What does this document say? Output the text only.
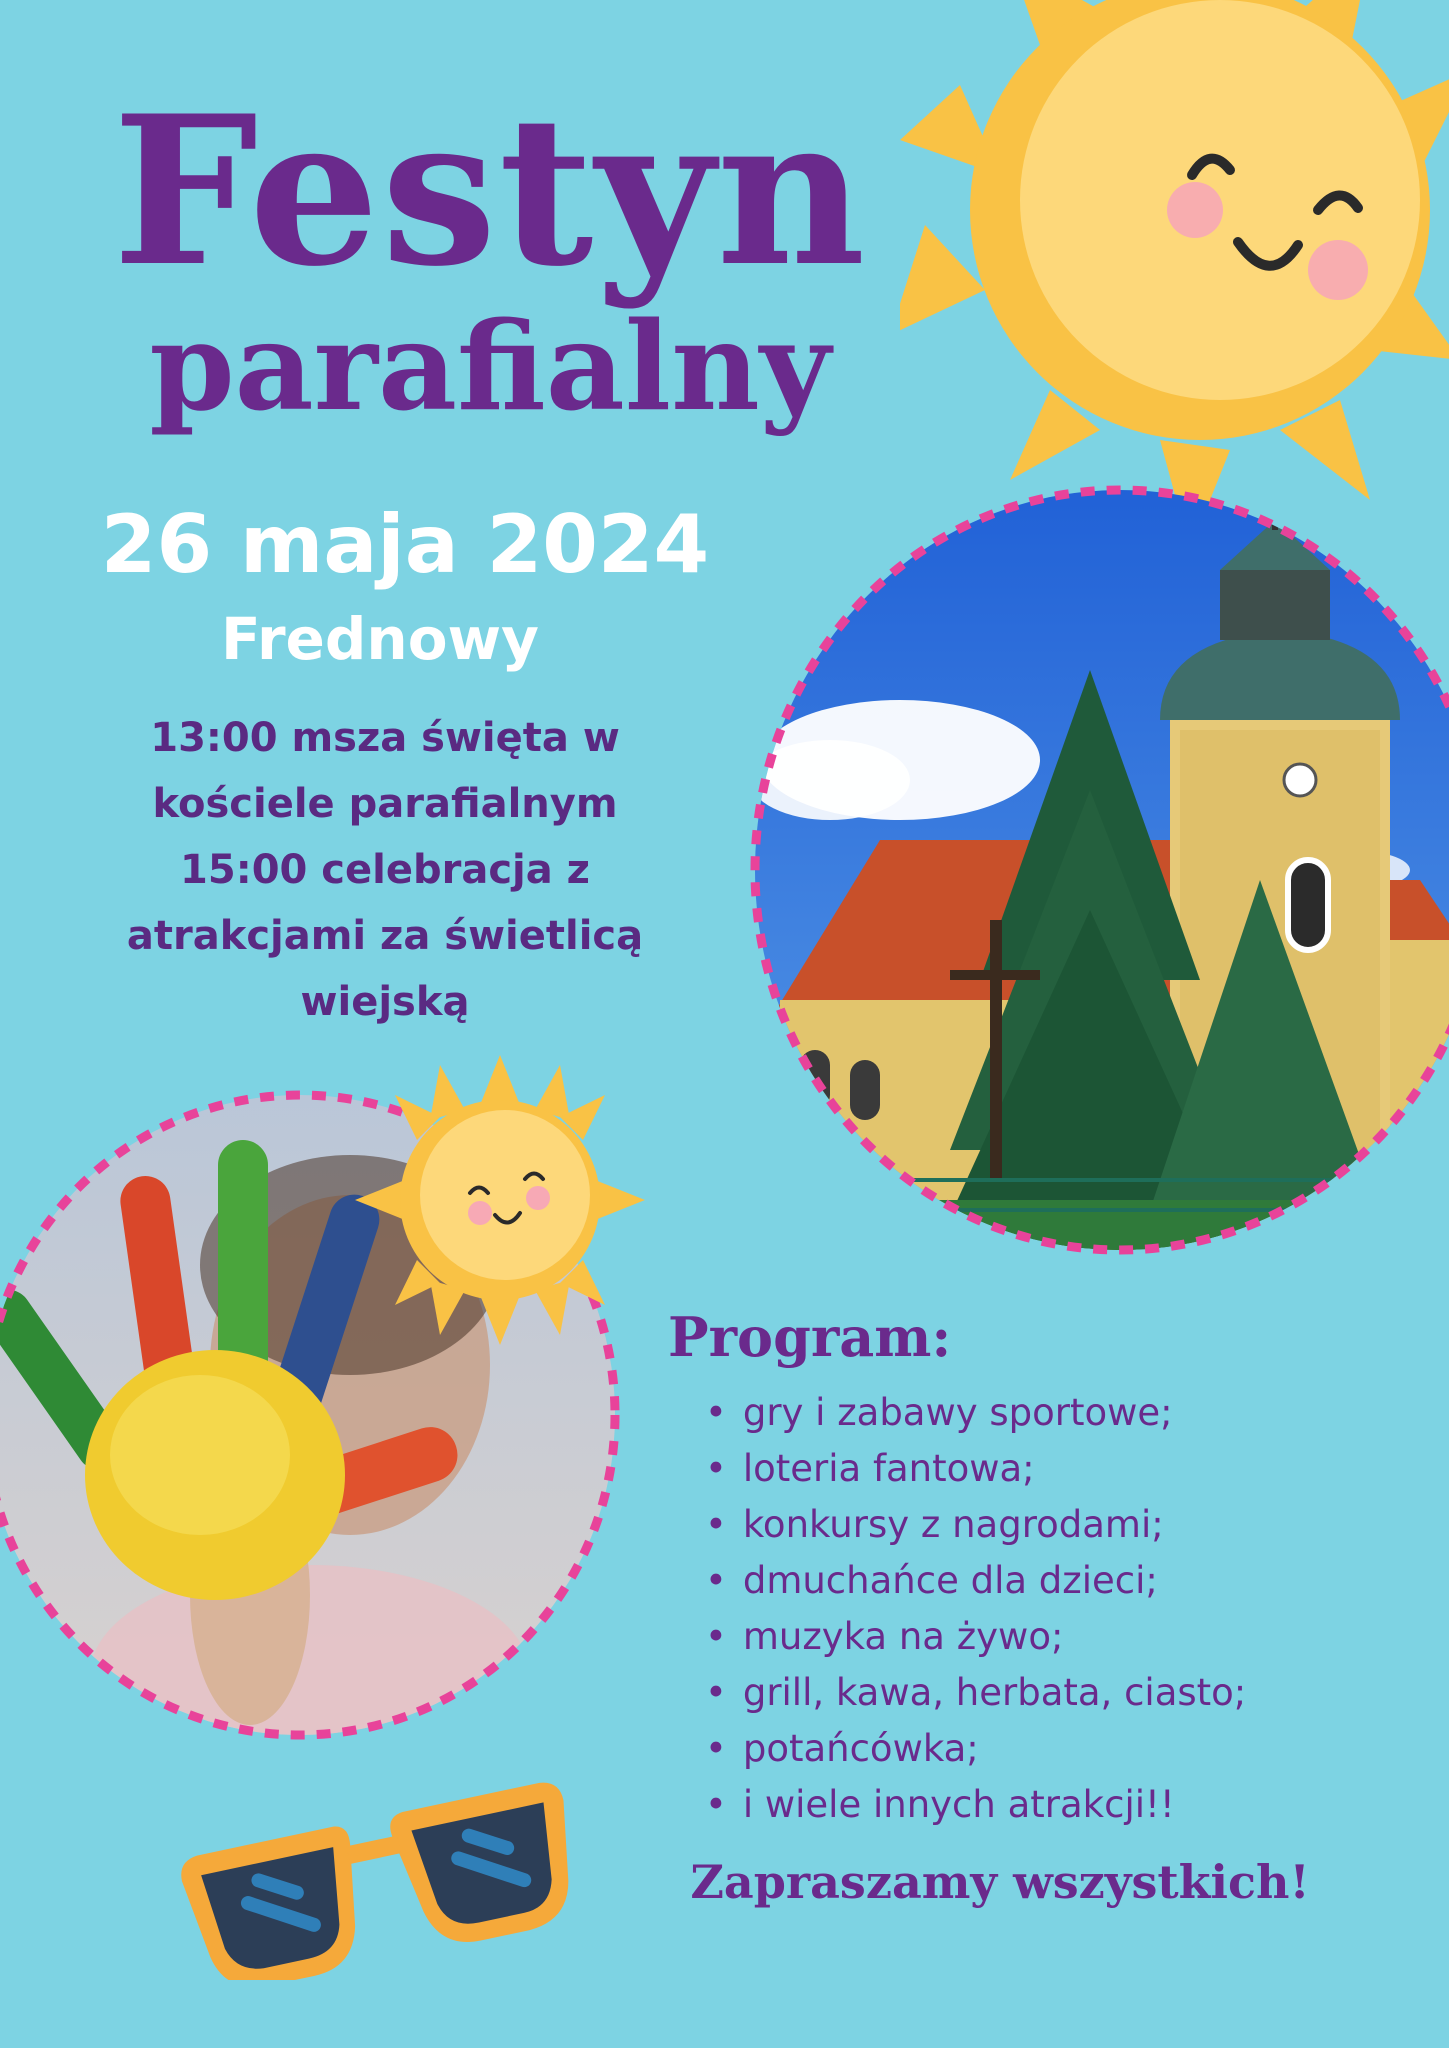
Festyn
parafialny
26 maja 2024
Frednowy
13:00 msza święta w
kościele parafialnym
15:00 celebracja z
atrakcjami za świetlicą
wiejską
Program:
• gry i zabawy sportowe;
• loteria fantowa;
• konkursy z nagrodami;
• dmuchańce dla dzieci;
• muzyka na żywo;
• grill, kawa, herbata, ciasto;
• potańcówka;
• i wiele innych atrakcji!!
Zapraszamy wszystkich!
